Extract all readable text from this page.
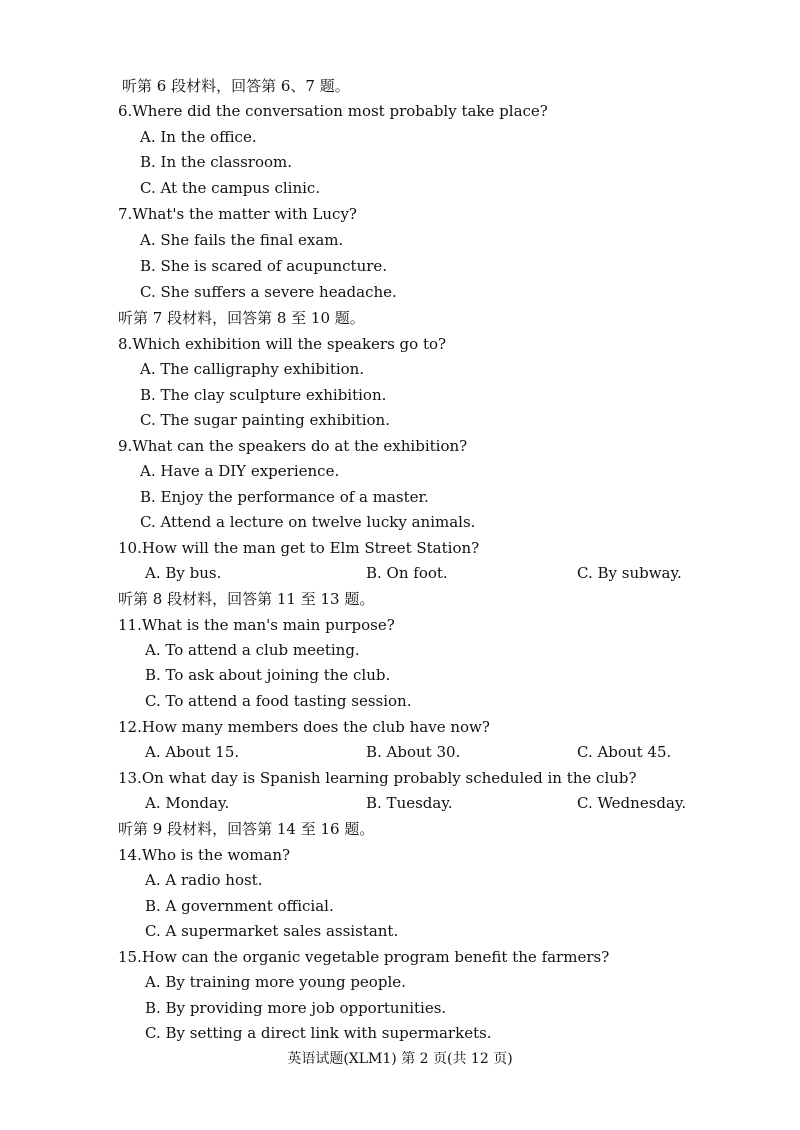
听第 6 段材料，回答第 6、7 题。
6.Where did the conversation most probably take place?
A. In the office.
B. In the classroom.
C. At the campus clinic.
7.What's the matter with Lucy?
A. She fails the final exam.
B. She is scared of acupuncture.
C. She suffers a severe headache.
听第 7 段材料，回答第 8 至 10 题。
8.Which exhibition will the speakers go to?
A. The calligraphy exhibition.
B. The clay sculpture exhibition.
C. The sugar painting exhibition.
9.What can the speakers do at the exhibition?
A. Have a DIY experience.
B. Enjoy the performance of a master.
C. Attend a lecture on twelve lucky animals.
10.How will the man get to Elm Street Station?
A. By bus.	B. On foot.	C. By subway.
听第 8 段材料，回答第 11 至 13 题。
11.What is the man's main purpose?
A. To attend a club meeting.
B. To ask about joining the club.
C. To attend a food tasting session.
12.How many members does the club have now?
A. About 15.	B. About 30.	C. About 45.
13.On what day is Spanish learning probably scheduled in the club?
A. Monday.	B. Tuesday.	C. Wednesday.
听第 9 段材料，回答第 14 至 16 题。
14.Who is the woman?
A. A radio host.
B. A government official.
C. A supermarket sales assistant.
15.How can the organic vegetable program benefit the farmers?
A. By training more young people.
B. By providing more job opportunities.
C. By setting a direct link with supermarkets.
英语试题(XLM1) 第 2 页(共 12 页)
